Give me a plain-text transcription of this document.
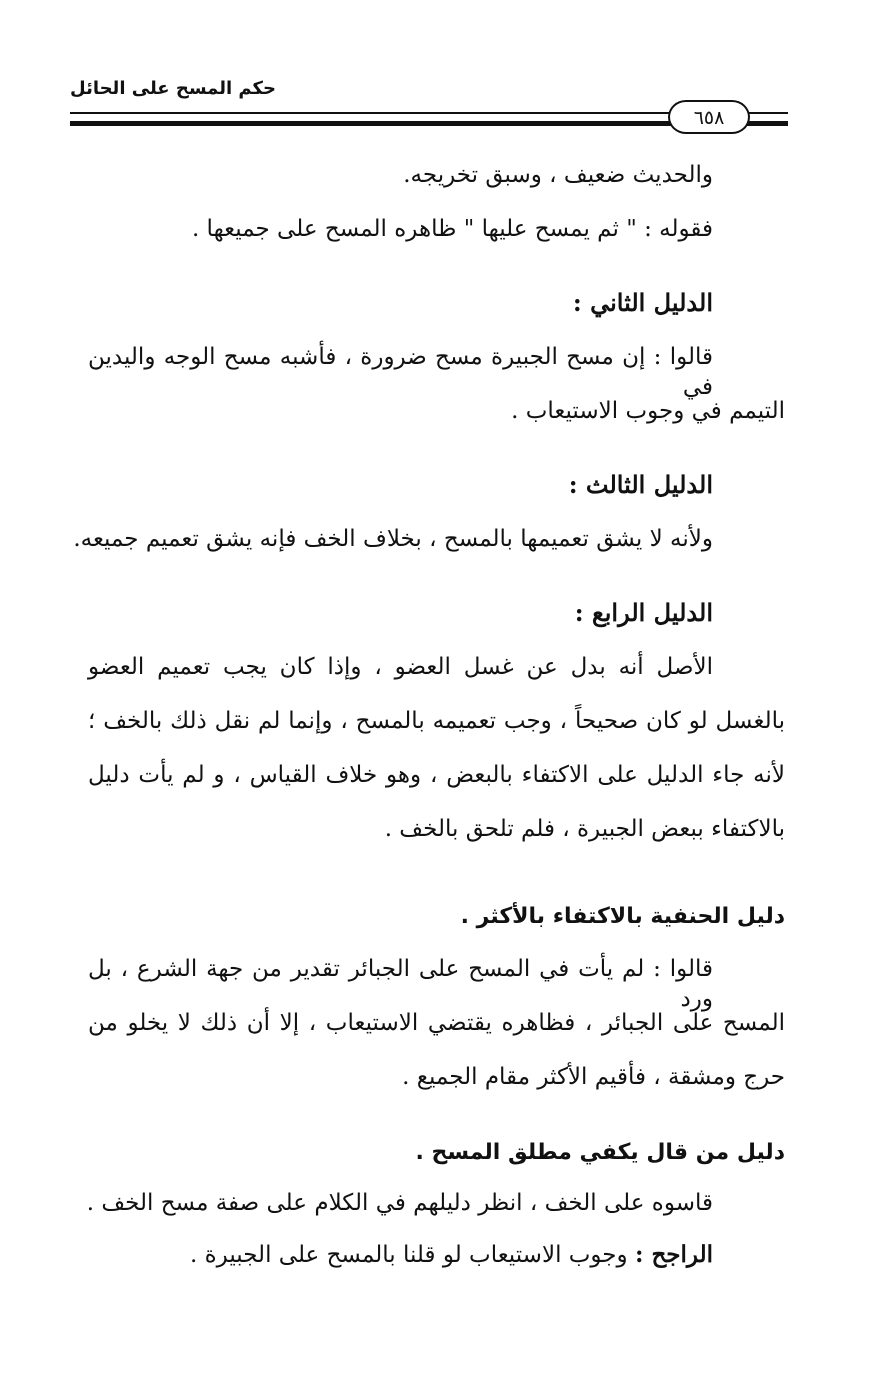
حكم المسح على الحائل
٦٥٨
والحديث ضعيف ، وسبق تخريجه.
فقوله : " ثم يمسح عليها " ظاهره المسح على جميعها .
الدليل الثاني :
قالوا : إن مسح الجبيرة مسح ضرورة ، فأشبه مسح الوجه واليدين في
التيمم في وجوب الاستيعاب .
الدليل الثالث :
ولأنه لا يشق تعميمها بالمسح ، بخلاف الخف فإنه يشق تعميم جميعه.
الدليل الرابع :
الأصل أنه بدل عن غسل العضو ، وإذا كان يجب تعميم العضو
بالغسل لو كان صحيحاً ، وجب تعميمه بالمسح ، وإنما لم نقل ذلك بالخف ؛
لأنه جاء الدليل على الاكتفاء بالبعض ، وهو خلاف القياس ، و لم يأت دليل
بالاكتفاء ببعض الجبيرة ، فلم تلحق بالخف .
دليل الحنفية بالاكتفاء بالأكثر .
قالوا : لم يأت في المسح على الجبائر تقدير من جهة الشرع ، بل ورد
المسح على الجبائر ، فظاهره يقتضي الاستيعاب ، إلا أن ذلك لا يخلو من
حرج ومشقة ، فأقيم الأكثر مقام الجميع .
دليل من قال يكفي مطلق المسح .
قاسوه على الخف ، انظر دليلهم في الكلام على صفة مسح الخف .
الراجح : وجوب الاستيعاب لو قلنا بالمسح على الجبيرة .
